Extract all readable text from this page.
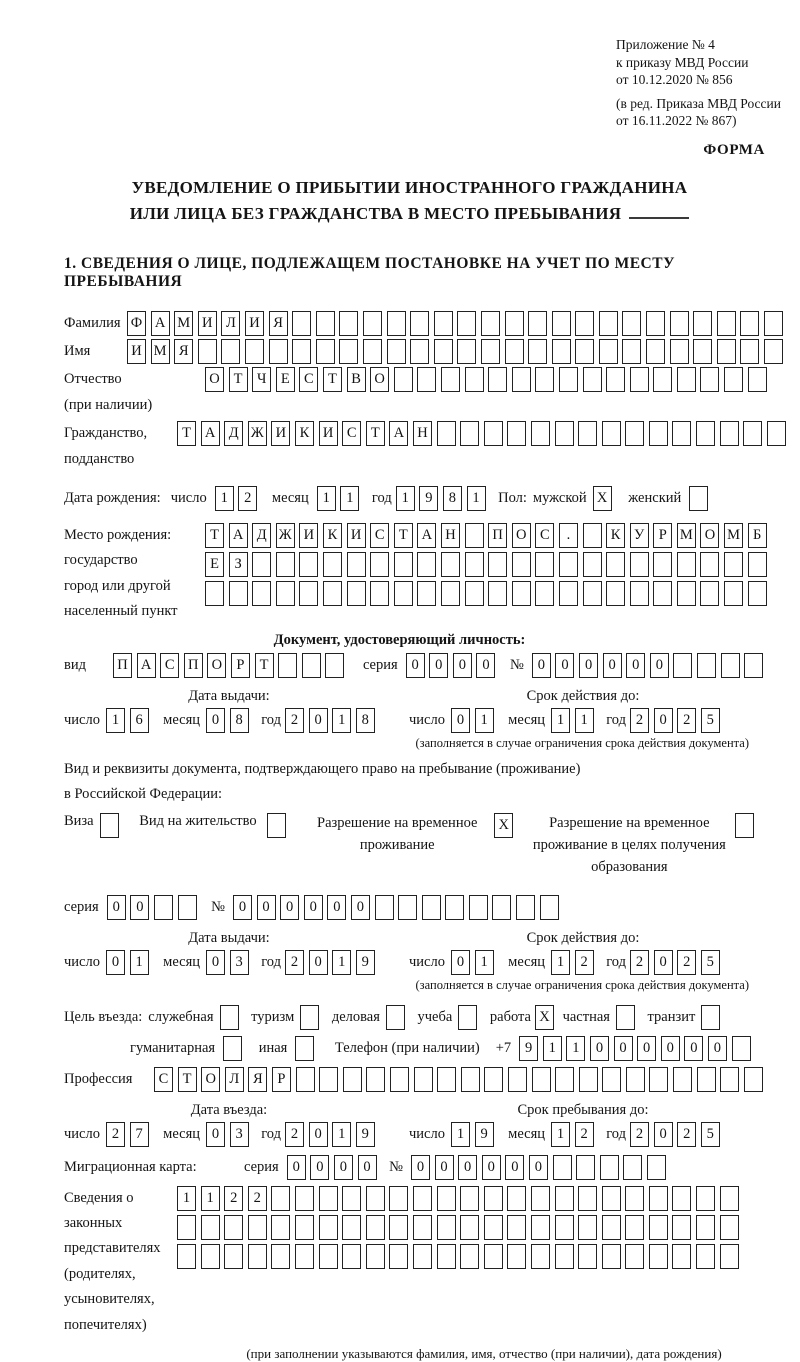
Приложение № 4
к приказу МВД России
от 10.12.2020 № 856
(в ред. Приказа МВД России
от 16.11.2022 № 867)
ФОРМА
УВЕДОМЛЕНИЕ О ПРИБЫТИИ ИНОСТРАННОГО ГРАЖДАНИНА
ИЛИ ЛИЦА БЕЗ ГРАЖДАНСТВА В МЕСТО ПРЕБЫВАНИЯ
1. СВЕДЕНИЯ О ЛИЦЕ, ПОДЛЕЖАЩЕМ ПОСТАНОВКЕ НА УЧЕТ ПО МЕСТУ ПРЕБЫВАНИЯ
Фамилия Ф А М И Л И Я
Имя	И М Я
Отчество
(при наличии)
О Т Ч Е С Т В О
Гражданство,
подданство
Т А Д Ж И К И С Т А Н
Дата рождения: число 1	2	месяц 1	1	год 1	9	8	1	Пол: мужской X женский
Место рождения:
государство
город или другой
населенный пункт
Т А Д Ж И К И С Т А Н	П О С	.	К У Р М О М Б
Е	З
Документ, удостоверяющий личность:
вид	П А С П О Р	Т	серия 0	0	0	0	№ 0	0	0	0	0	0
Дата выдачи:	Срок действия до:
число 1	6	месяц 0	8	год 2	0	1	8	число 0	1	месяц 1	1	год 2	0	2	5
(заполняется в случае ограничения срока действия документа)
Вид и реквизиты документа, подтверждающего право на пребывание (проживание)
в Российской Федерации:
Виза	Вид на жительство	Разрешение на временное проживание
X	Разрешение на временное проживание в целях получения образования
серия 0	0	№ 0	0	0	0	0	0
Дата выдачи:	Срок действия до:
число 0	1	месяц 0	3	год 2	0	1	9	число 0	1	месяц 1	2	год 2	0	2	5
(заполняется в случае ограничения срока действия документа)
Цель въезда: служебная	туризм	деловая	учеба	работа X частная	транзит
гуманитарная	иная	Телефон (при наличии) +7 9	1	1	0	0	0	0	0	0
Профессия	С Т О Л Я	Р
Дата въезда:	Срок пребывания до:
число 2	7	месяц 0	3	год 2	0	1	9	число 1	9	месяц 1	2	год 2	0	2	5
Миграционная карта:	серия 0	0	0	0	№ 0	0	0	0	0	0
Сведения о
законных
представителях
(родителях,
усыновителях,
попечителях)
1	1	2	2
(при заполнении указываются фамилия, имя, отчество (при наличии), дата рождения)
